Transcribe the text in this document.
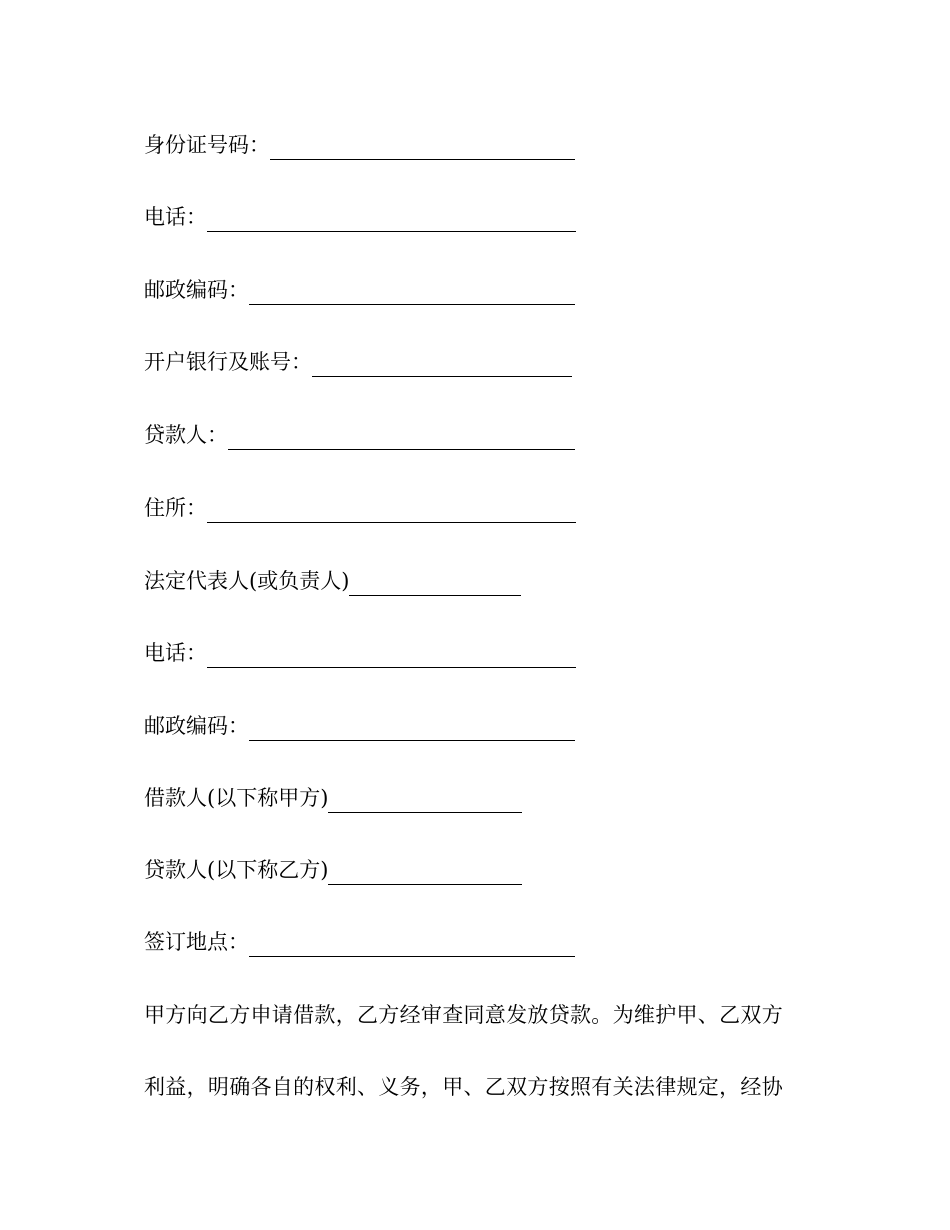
身份证号码：
电话：
邮政编码：
开户银行及账号：
贷款人：
住所：
法定代表人(或负责人)
电话：
邮政编码：
借款人(以下称甲方)
贷款人(以下称乙方)
签订地点：
甲方向乙方申请借款，乙方经审查同意发放贷款。为维护甲、乙双方
利益，明确各自的权利、义务，甲、乙双方按照有关法律规定，经协
